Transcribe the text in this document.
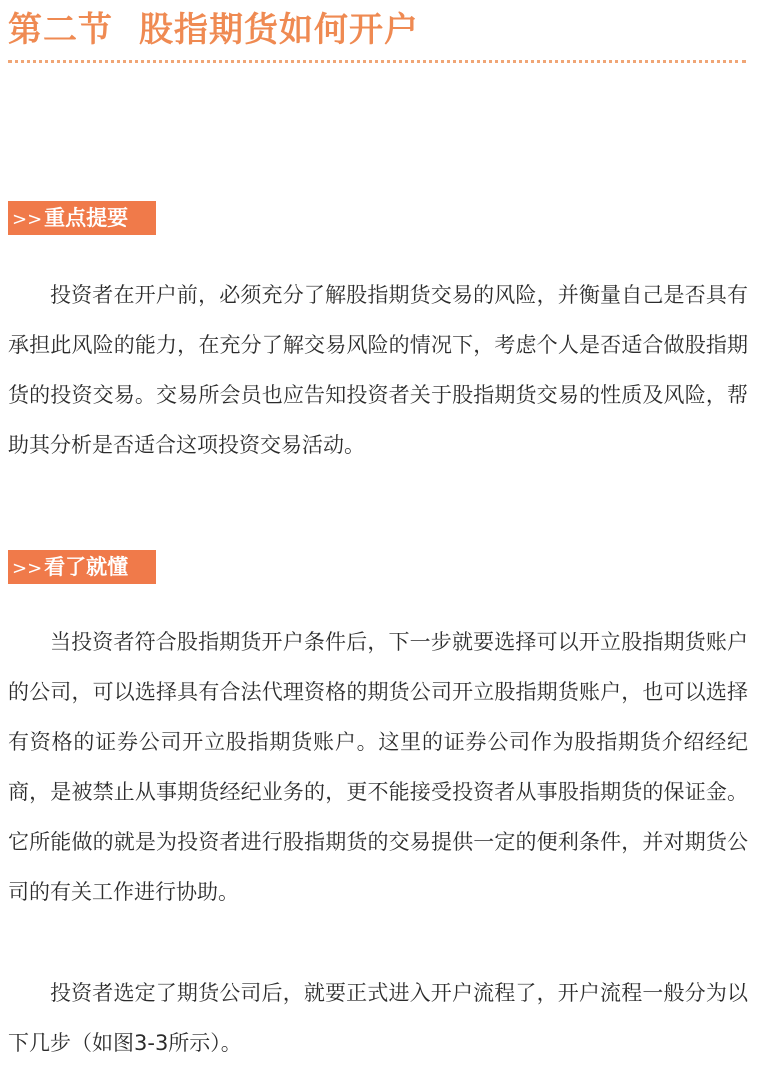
第二节 股指期货如何开户
>>重点提要

投资者在开户前，必须充分了解股指期货交易的风险，并衡量自己是否具有承担此风险的能力，在充分了解交易风险的情况下，考虑个人是否适合做股指期货的投资交易。交易所会员也应告知投资者关于股指期货交易的性质及风险，帮助其分析是否适合这项投资交易活动。

>>看了就懂

当投资者符合股指期货开户条件后，下一步就要选择可以开立股指期货账户的公司，可以选择具有合法代理资格的期货公司开立股指期货账户，也可以选择有资格的证券公司开立股指期货账户。这里的证券公司作为股指期货介绍经纪商，是被禁止从事期货经纪业务的，更不能接受投资者从事股指期货的保证金。它所能做的就是为投资者进行股指期货的交易提供一定的便利条件，并对期货公司的有关工作进行协助。

投资者选定了期货公司后，就要正式进入开户流程了，开户流程一般分为以下几步（如图3-3所示）。
